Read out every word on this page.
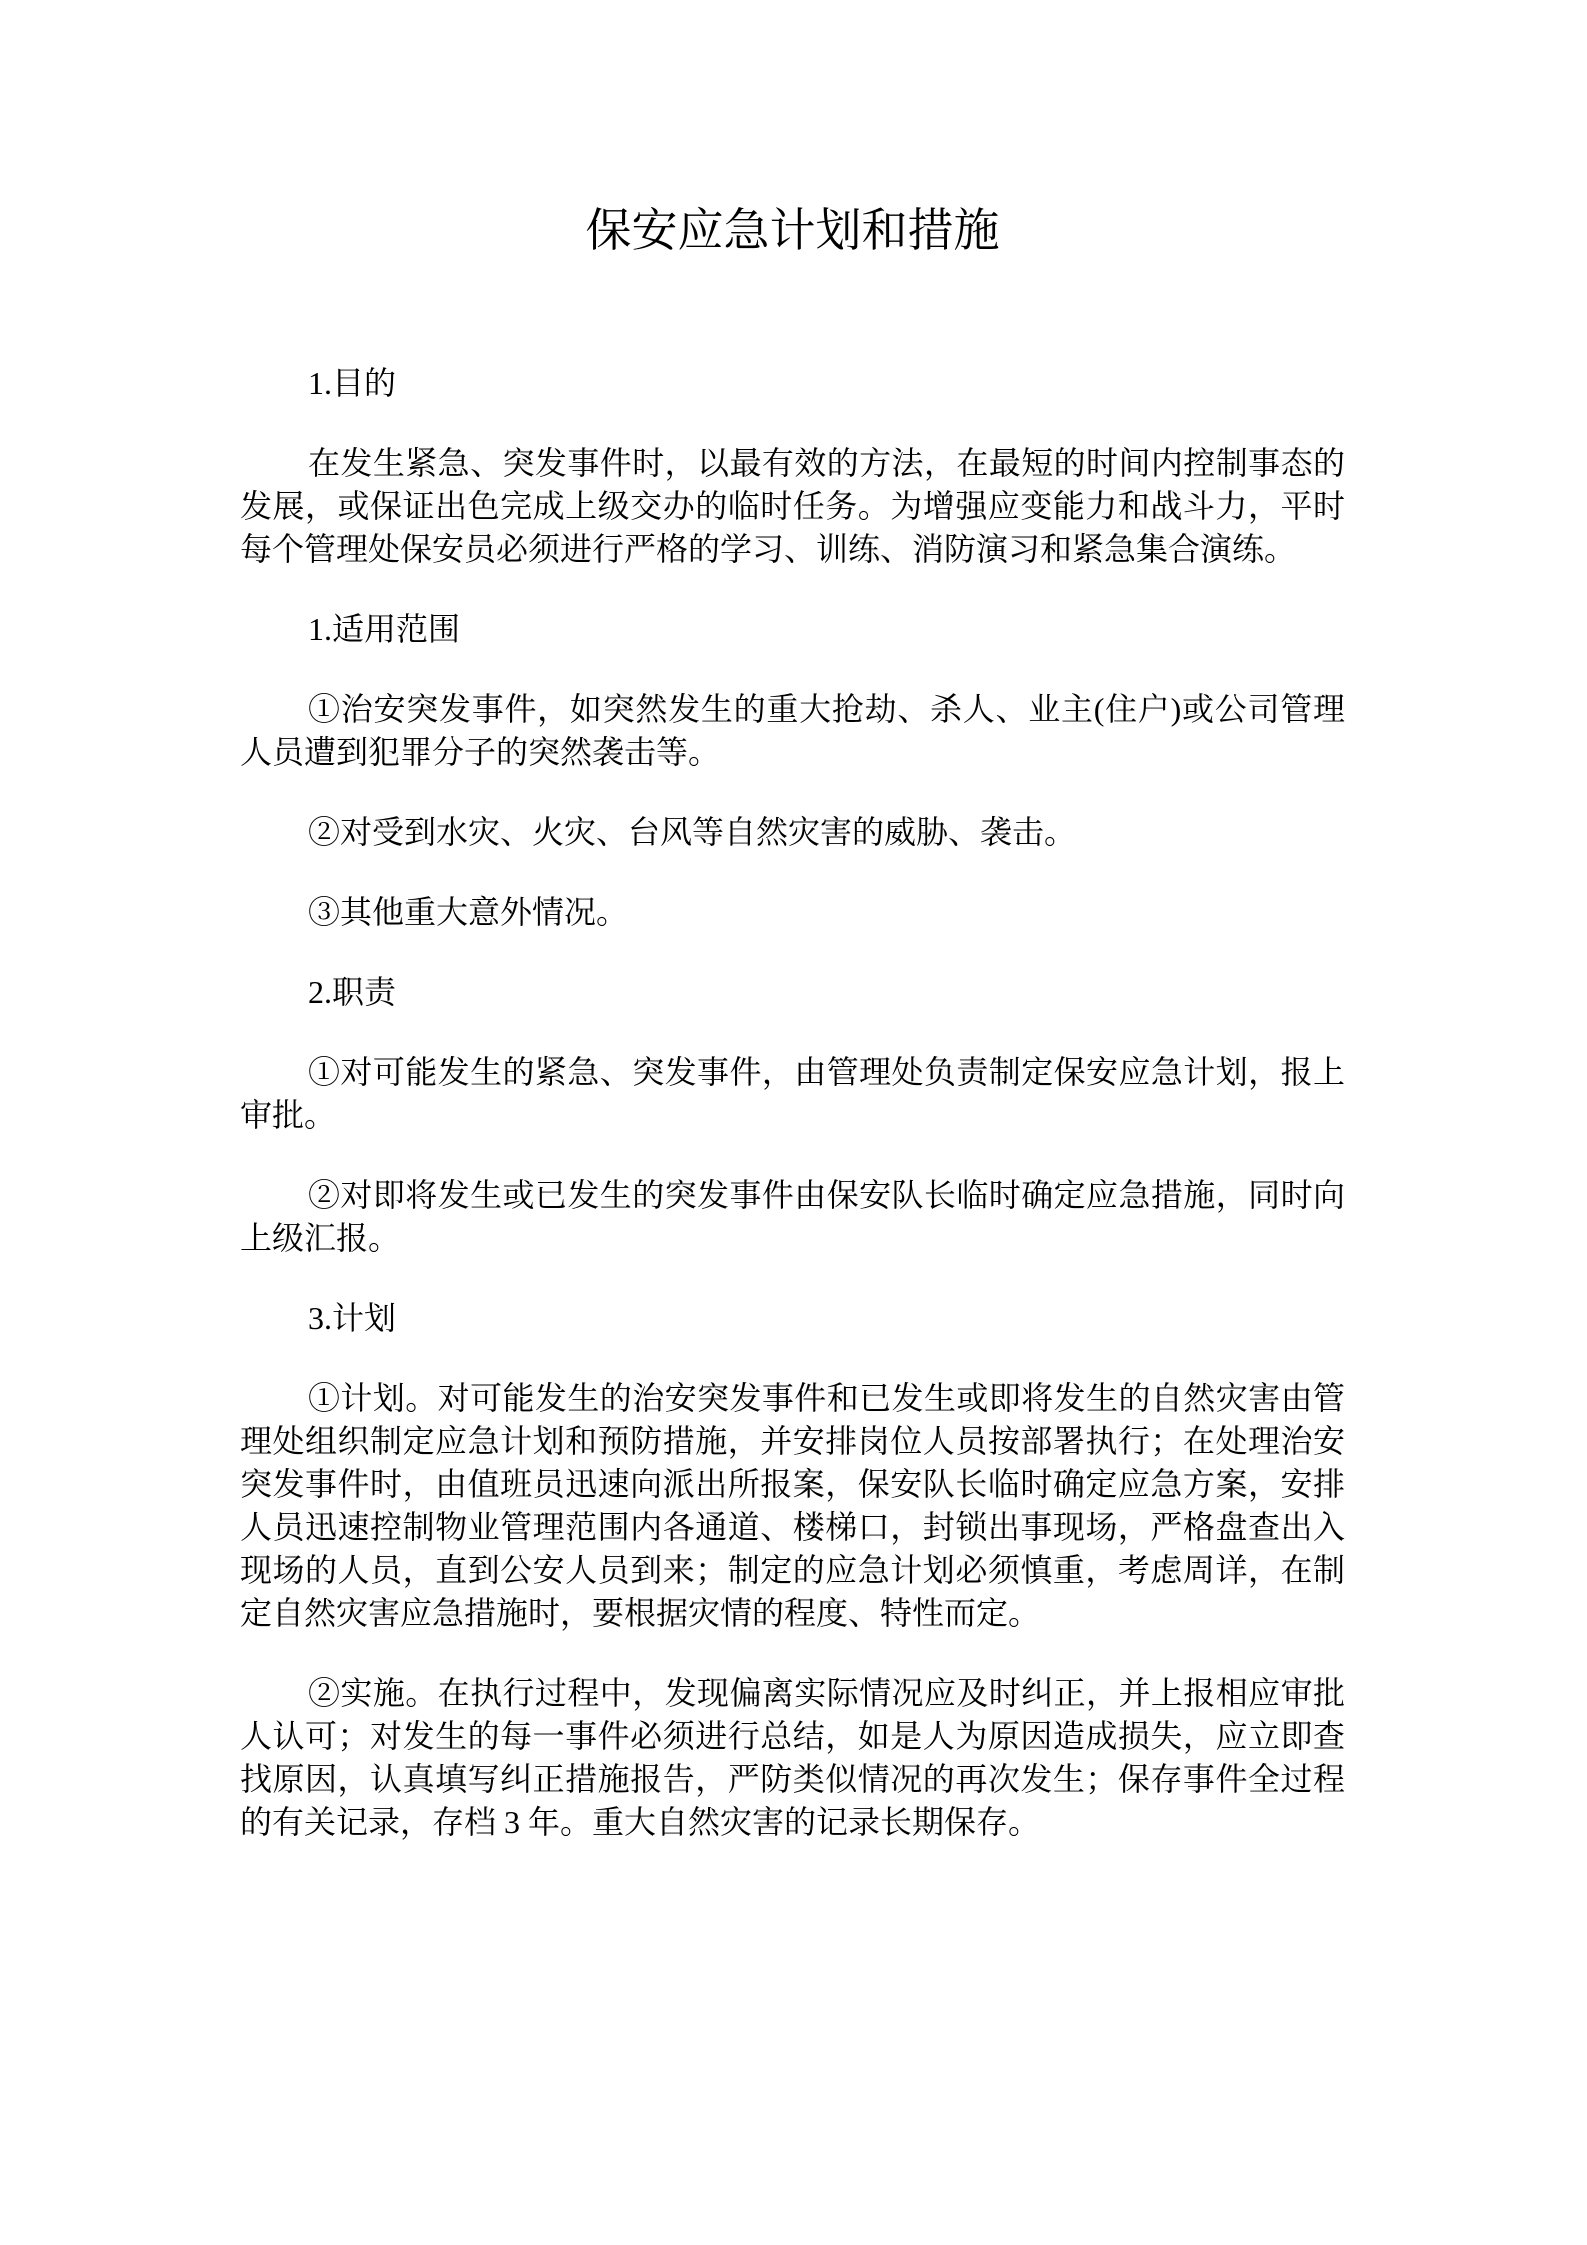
保安应急计划和措施

1.目的

在发生紧急、突发事件时，以最有效的方法，在最短的时间内控制事态的发展，或保证出色完成上级交办的临时任务。为增强应变能力和战斗力，平时每个管理处保安员必须进行严格的学习、训练、消防演习和紧急集合演练。

1.适用范围

①治安突发事件，如突然发生的重大抢劫、杀人、业主(住户)或公司管理人员遭到犯罪分子的突然袭击等。

②对受到水灾、火灾、台风等自然灾害的威胁、袭击。

③其他重大意外情况。

2.职责

①对可能发生的紧急、突发事件，由管理处负责制定保安应急计划，报上审批。

②对即将发生或已发生的突发事件由保安队长临时确定应急措施，同时向上级汇报。

3.计划

①计划。对可能发生的治安突发事件和已发生或即将发生的自然灾害由管理处组织制定应急计划和预防措施，并安排岗位人员按部署执行；在处理治安突发事件时，由值班员迅速向派出所报案，保安队长临时确定应急方案，安排人员迅速控制物业管理范围内各通道、楼梯口，封锁出事现场，严格盘查出入现场的人员，直到公安人员到来；制定的应急计划必须慎重，考虑周详，在制定自然灾害应急措施时，要根据灾情的程度、特性而定。

②实施。在执行过程中，发现偏离实际情况应及时纠正，并上报相应审批人认可；对发生的每一事件必须进行总结，如是人为原因造成损失，应立即查找原因，认真填写纠正措施报告，严防类似情况的再次发生；保存事件全过程的有关记录，存档 3 年。重大自然灾害的记录长期保存。
